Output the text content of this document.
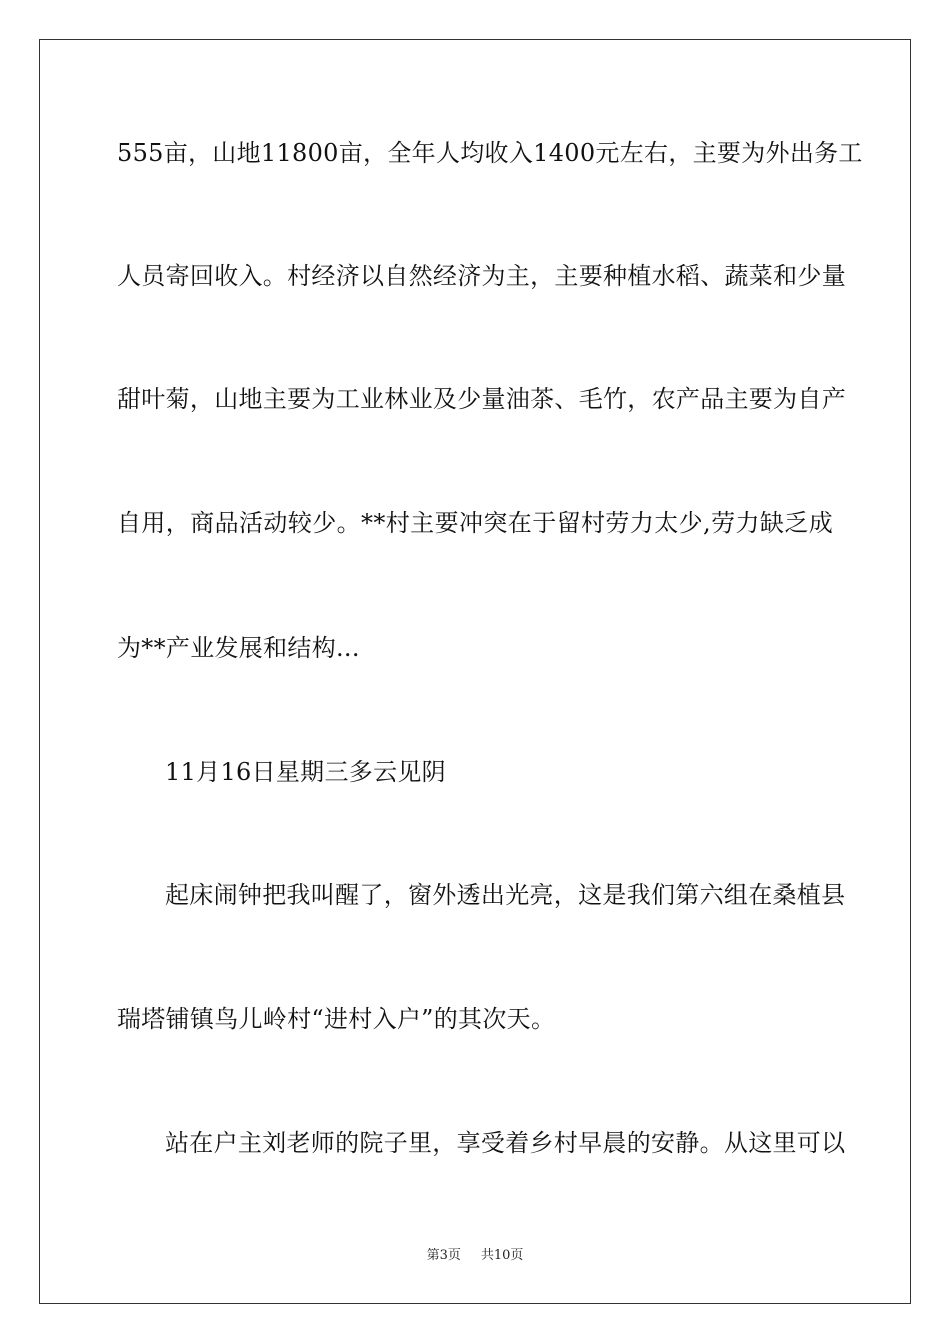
555亩，山地11800亩，全年人均收入1400元左右，主要为外出务工
人员寄回收入。村经济以自然经济为主，主要种植水稻、蔬菜和少量
甜叶菊，山地主要为工业林业及少量油茶、毛竹，农产品主要为自产
自用，商品活动较少。**村主要冲突在于留村劳力太少,劳力缺乏成
为**产业发展和结构...
11月16日星期三多云见阴
起床闹钟把我叫醒了，窗外透出光亮，这是我们第六组在桑植县
瑞塔铺镇鸟儿岭村“进村入户”的其次天。
站在户主刘老师的院子里，享受着乡村早晨的安静。从这里可以
第3页 共10页
